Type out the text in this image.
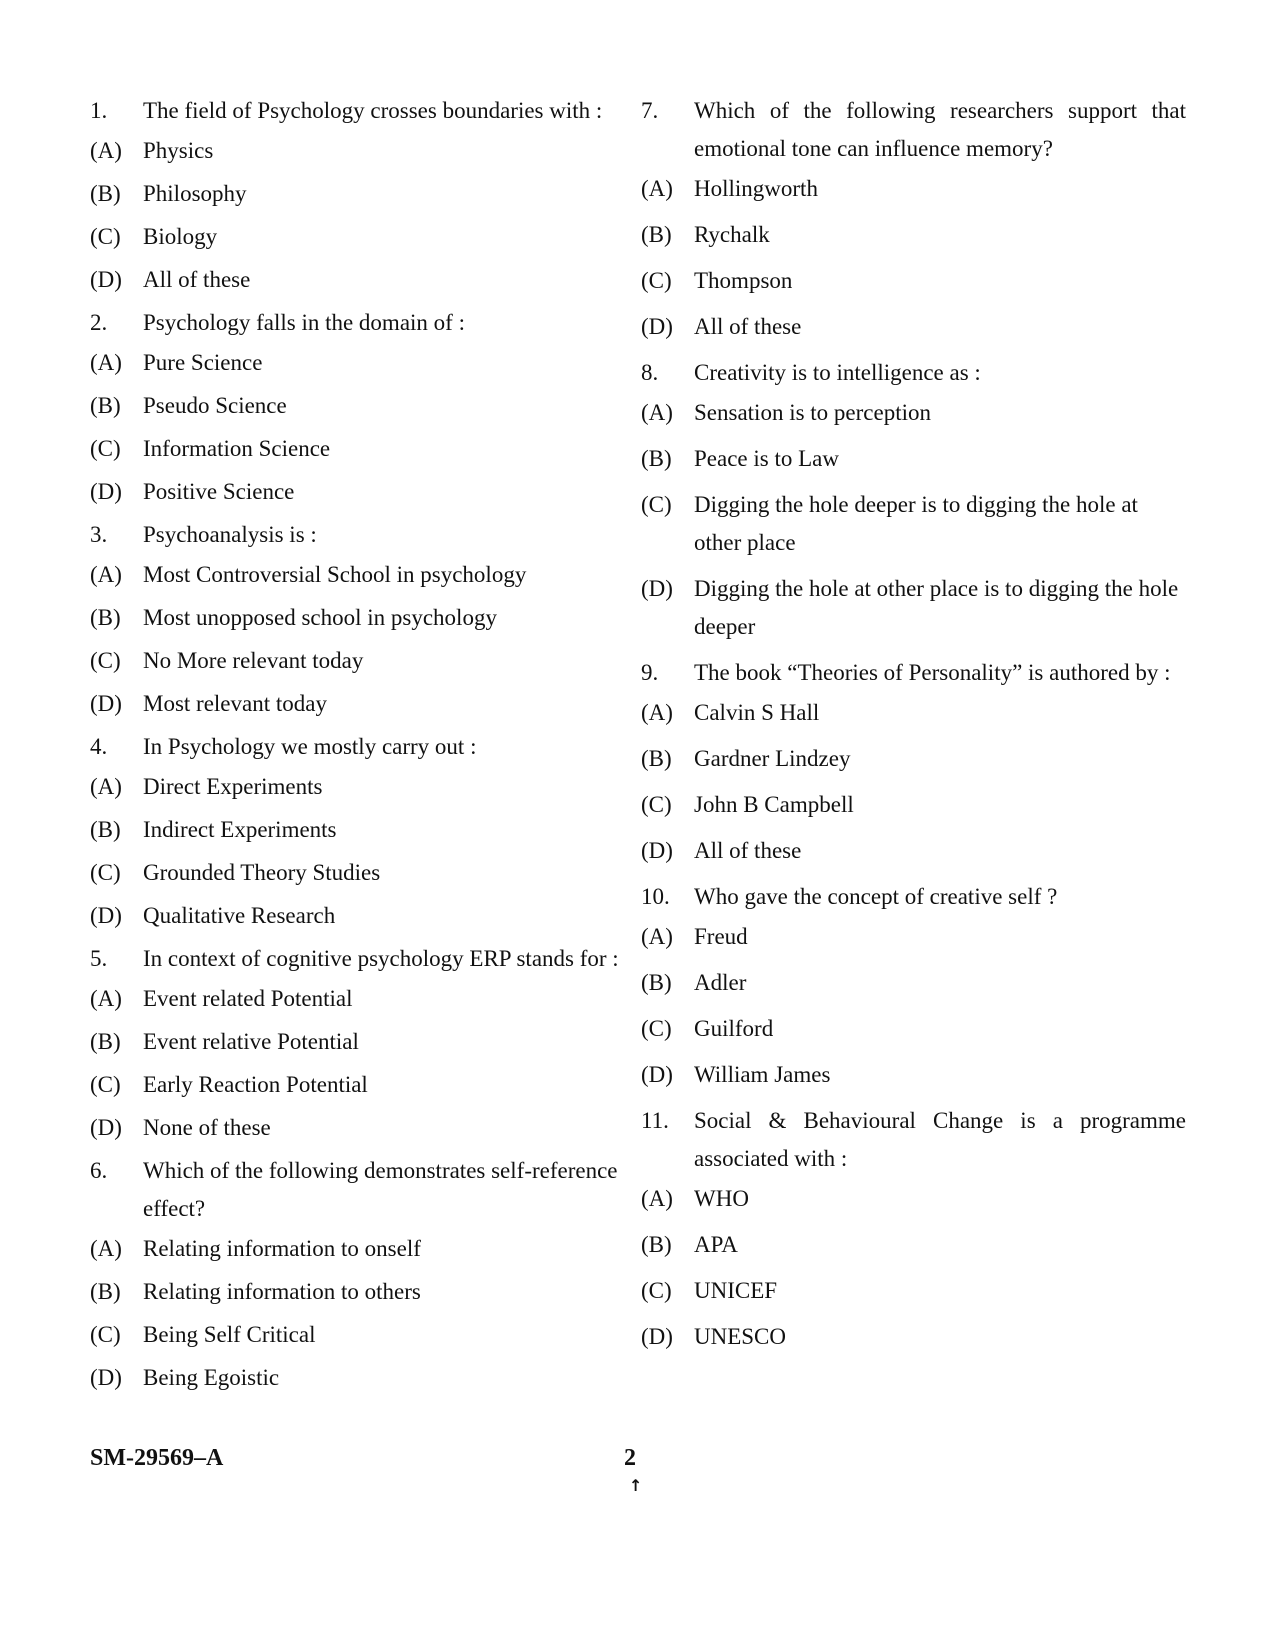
1. The field of Psychology crosses boundaries with :
(A) Physics
(B) Philosophy
(C) Biology
(D) All of these
2. Psychology falls in the domain of :
(A) Pure Science
(B) Pseudo Science
(C) Information Science
(D) Positive Science
3. Psychoanalysis is :
(A) Most Controversial School in psychology
(B) Most unopposed school in psychology
(C) No More relevant today
(D) Most relevant today
4. In Psychology we mostly carry out :
(A) Direct Experiments
(B) Indirect Experiments
(C) Grounded Theory Studies
(D) Qualitative Research
5. In context of cognitive psychology ERP stands for :
(A) Event related Potential
(B) Event relative Potential
(C) Early Reaction Potential
(D) None of these
6. Which of the following demonstrates self-reference effect?
(A) Relating information to onself
(B) Relating information to others
(C) Being Self Critical
(D) Being Egoistic
7. Which of the following researchers support that emotional tone can influence memory?
(A) Hollingworth
(B) Rychalk
(C) Thompson
(D) All of these
8. Creativity is to intelligence as :
(A) Sensation is to perception
(B) Peace is to Law
(C) Digging the hole deeper is to digging the hole at other place
(D) Digging the hole at other place is to digging the hole deeper
9. The book “Theories of Personality” is authored by :
(A) Calvin S Hall
(B) Gardner Lindzey
(C) John B Campbell
(D) All of these
10. Who gave the concept of creative self ?
(A) Freud
(B) Adler
(C) Guilford
(D) William James
11. Social & Behavioural Change is a programme associated with :
(A) WHO
(B) APA
(C) UNICEF
(D) UNESCO
SM-29569–A	2
↑
